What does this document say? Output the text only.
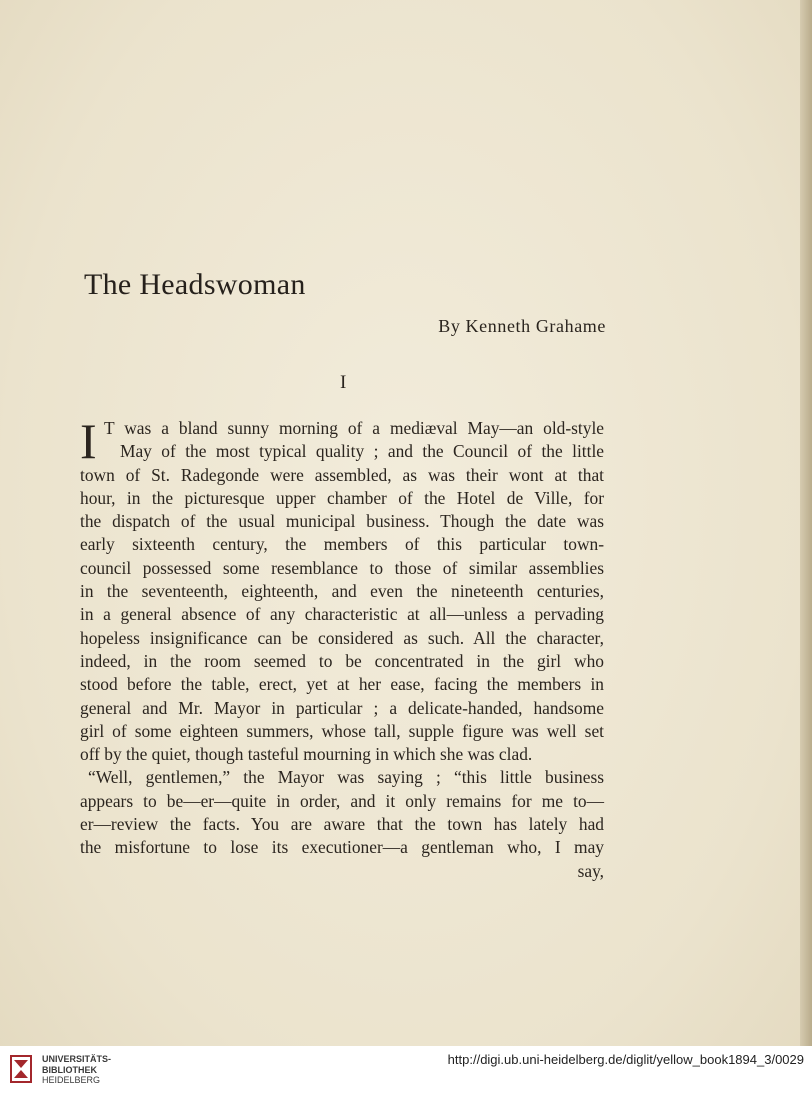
The Headswoman
By Kenneth Grahame
I
I T was a bland sunny morning of a mediæval May—an old-style
May of the most typical quality ; and the Council of the little
town of St. Radegonde were assembled, as was their wont at that
hour, in the picturesque upper chamber of the Hotel de Ville, for
the dispatch of the usual municipal business. Though the date was
early sixteenth century, the members of this particular town-
council possessed some resemblance to those of similar assemblies
in the seventeenth, eighteenth, and even the nineteenth centuries,
in a general absence of any characteristic at all—unless a pervading
hopeless insignificance can be considered as such. All the character,
indeed, in the room seemed to be concentrated in the girl who
stood before the table, erect, yet at her ease, facing the members in
general and Mr. Mayor in particular ; a delicate-handed, handsome
girl of some eighteen summers, whose tall, supple figure was well set
off by the quiet, though tasteful mourning in which she was clad.
“Well, gentlemen,” the Mayor was saying ; “this little business
appears to be—er—quite in order, and it only remains for me to—
er—review the facts. You are aware that the town has lately had
the misfortune to lose its executioner—a gentleman who, I may
say,
UNIVERSITÄTS-
BIBLIOTHEK
HEIDELBERG
http://digi.ub.uni-heidelberg.de/diglit/yellow_book1894_3/0029
